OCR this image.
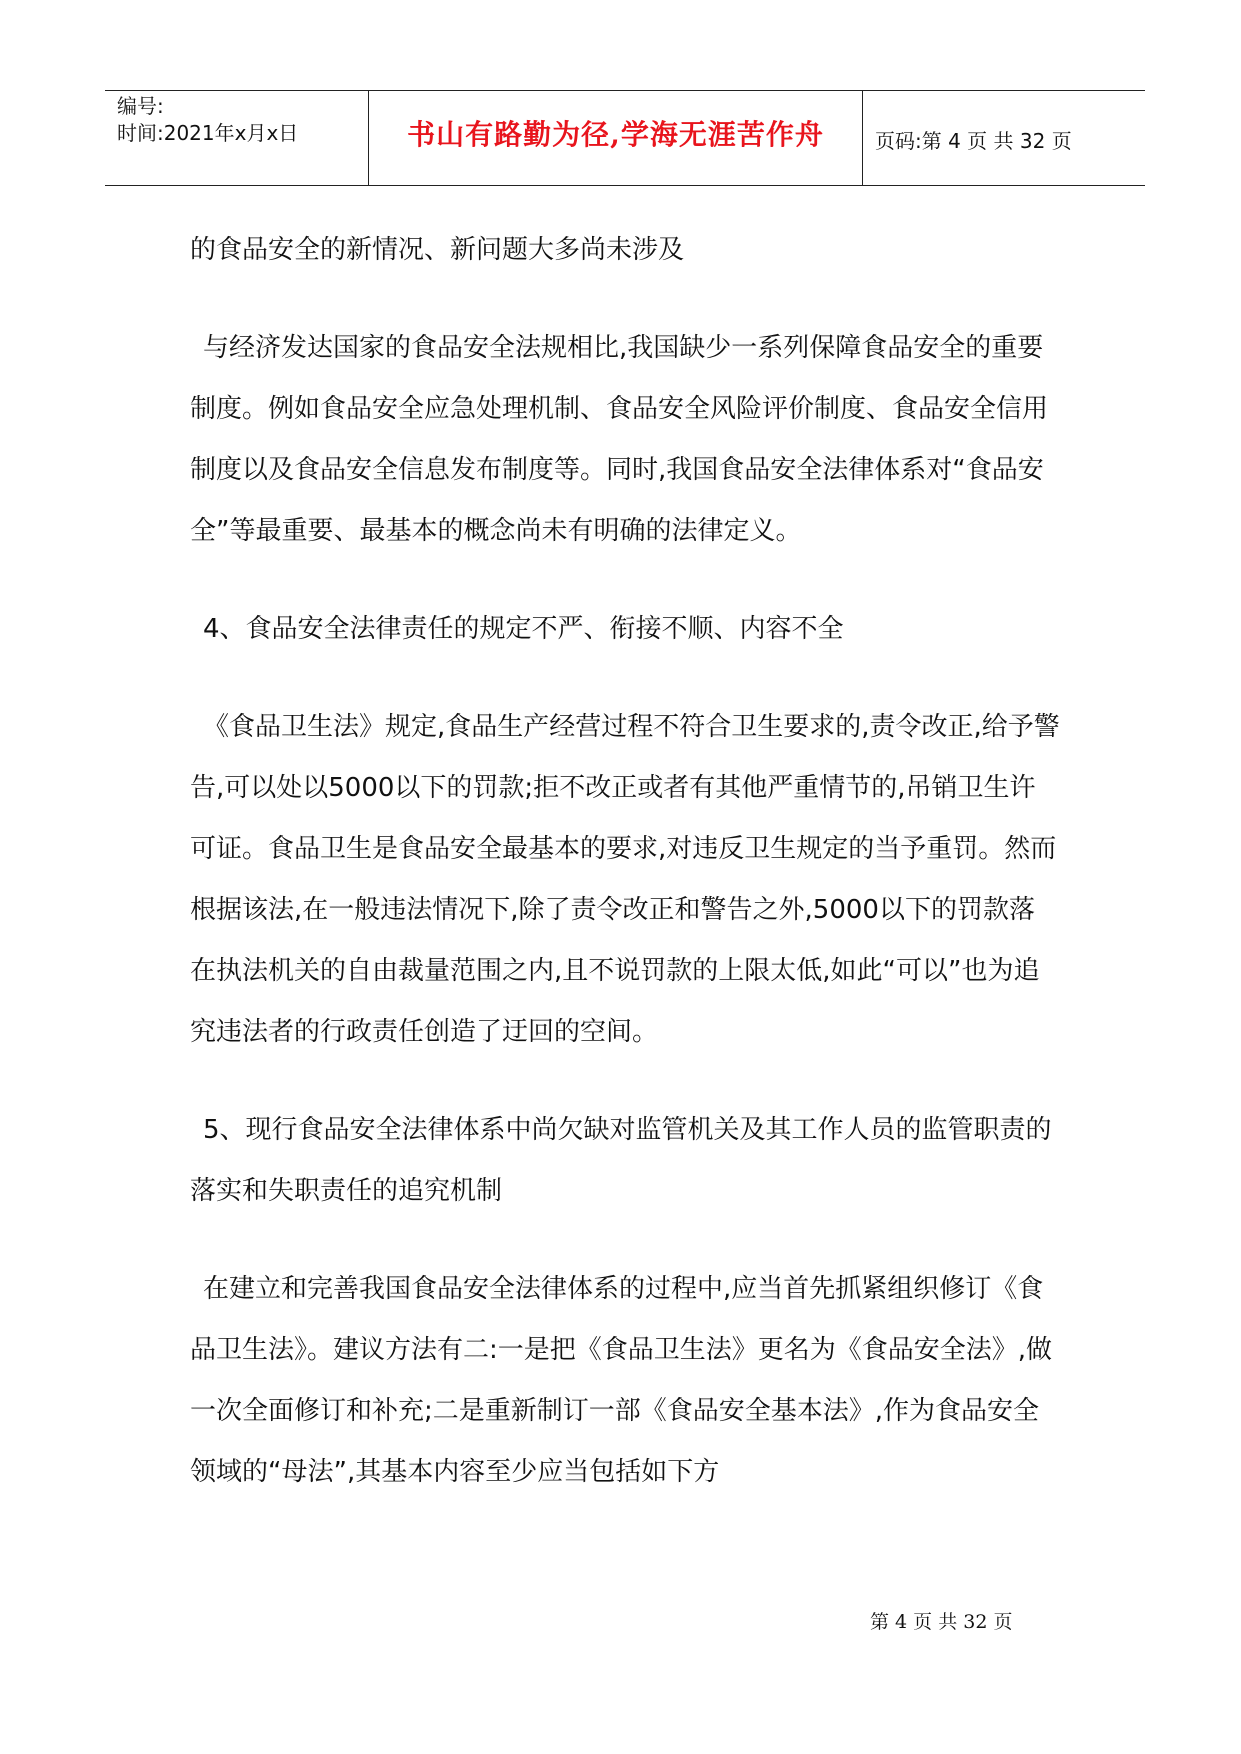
编号:
时间:2021年x月x日	书山有路勤为径,学海无涯苦作舟	页码:第 4 页 共 32 页

的食品安全的新情况、新问题大多尚未涉及

与经济发达国家的食品安全法规相比,我国缺少一系列保障食品安全的重要制度。例如食品安全应急处理机制、食品安全风险评价制度、食品安全信用制度以及食品安全信息发布制度等。同时,我国食品安全法律体系对“食品安全”等最重要、最基本的概念尚未有明确的法律定义。

4、食品安全法律责任的规定不严、衔接不顺、内容不全

《食品卫生法》规定,食品生产经营过程不符合卫生要求的,责令改正,给予警告,可以处以5000以下的罚款;拒不改正或者有其他严重情节的,吊销卫生许可证。食品卫生是食品安全最基本的要求,对违反卫生规定的当予重罚。然而根据该法,在一般违法情况下,除了责令改正和警告之外,5000以下的罚款落在执法机关的自由裁量范围之内,且不说罚款的上限太低,如此“可以”也为追究违法者的行政责任创造了迂回的空间。

5、现行食品安全法律体系中尚欠缺对监管机关及其工作人员的监管职责的落实和失职责任的追究机制

在建立和完善我国食品安全法律体系的过程中,应当首先抓紧组织修订《食品卫生法》。建议方法有二:一是把《食品卫生法》更名为《食品安全法》,做一次全面修订和补充;二是重新制订一部《食品安全基本法》,作为食品安全领域的“母法”,其基本内容至少应当包括如下方

第 4 页 共 32 页
